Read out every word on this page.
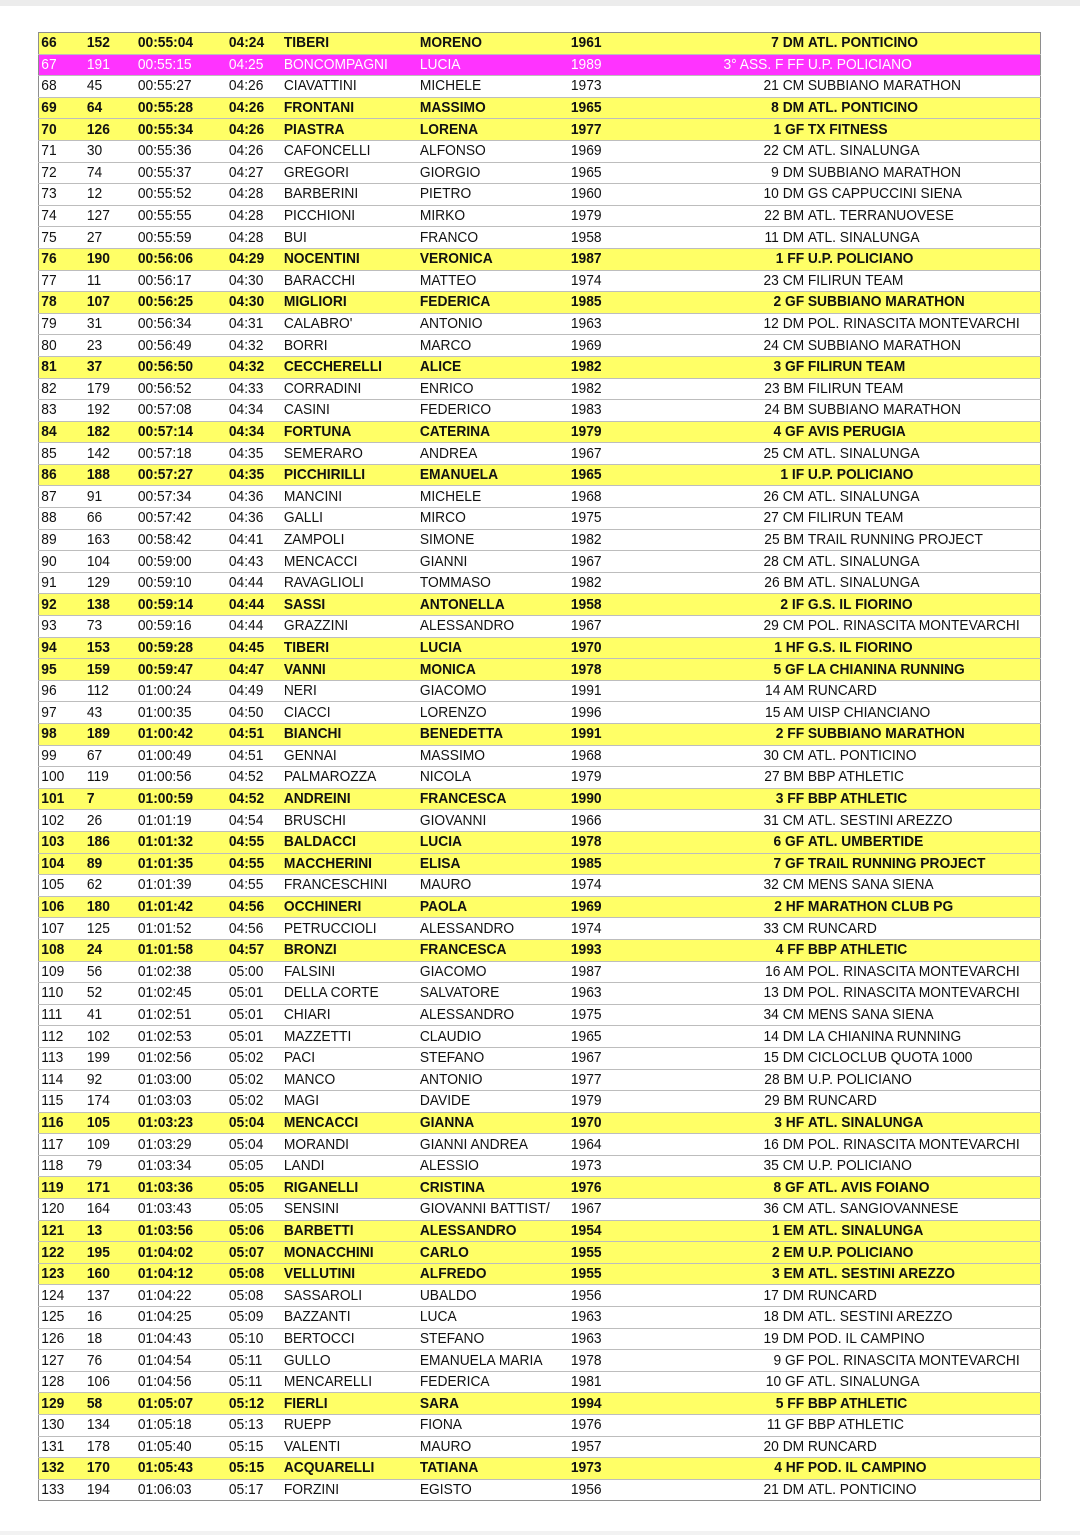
66	152	00:55:04	04:24	TIBERI	MORENO	1961	7 DM	ATL. PONTICINO
67	191	00:55:15	04:25	BONCOMPAGNI	LUCIA	1989	3° ASS. F FF	U.P. POLICIANO
68	45	00:55:27	04:26	CIAVATTINI	MICHELE	1973	21 CM	SUBBIANO MARATHON
69	64	00:55:28	04:26	FRONTANI	MASSIMO	1965	8 DM	ATL. PONTICINO
70	126	00:55:34	04:26	PIASTRA	LORENA	1977	1 GF	TX FITNESS
71	30	00:55:36	04:26	CAFONCELLI	ALFONSO	1969	22 CM	ATL. SINALUNGA
72	74	00:55:37	04:27	GREGORI	GIORGIO	1965	9 DM	SUBBIANO MARATHON
73	12	00:55:52	04:28	BARBERINI	PIETRO	1960	10 DM	GS CAPPUCCINI SIENA
74	127	00:55:55	04:28	PICCHIONI	MIRKO	1979	22 BM	ATL. TERRANUOVESE
75	27	00:55:59	04:28	BUI	FRANCO	1958	11 DM	ATL. SINALUNGA
76	190	00:56:06	04:29	NOCENTINI	VERONICA	1987	1 FF	U.P. POLICIANO
77	11	00:56:17	04:30	BARACCHI	MATTEO	1974	23 CM	FILIRUN TEAM
78	107	00:56:25	04:30	MIGLIORI	FEDERICA	1985	2 GF	SUBBIANO MARATHON
79	31	00:56:34	04:31	CALABRO'	ANTONIO	1963	12 DM	POL. RINASCITA MONTEVARCHI
80	23	00:56:49	04:32	BORRI	MARCO	1969	24 CM	SUBBIANO MARATHON
81	37	00:56:50	04:32	CECCHERELLI	ALICE	1982	3 GF	FILIRUN TEAM
82	179	00:56:52	04:33	CORRADINI	ENRICO	1982	23 BM	FILIRUN TEAM
83	192	00:57:08	04:34	CASINI	FEDERICO	1983	24 BM	SUBBIANO MARATHON
84	182	00:57:14	04:34	FORTUNA	CATERINA	1979	4 GF	AVIS PERUGIA
85	142	00:57:18	04:35	SEMERARO	ANDREA	1967	25 CM	ATL. SINALUNGA
86	188	00:57:27	04:35	PICCHIRILLI	EMANUELA	1965	1 IF	U.P. POLICIANO
87	91	00:57:34	04:36	MANCINI	MICHELE	1968	26 CM	ATL. SINALUNGA
88	66	00:57:42	04:36	GALLI	MIRCO	1975	27 CM	FILIRUN TEAM
89	163	00:58:42	04:41	ZAMPOLI	SIMONE	1982	25 BM	TRAIL RUNNING PROJECT
90	104	00:59:00	04:43	MENCACCI	GIANNI	1967	28 CM	ATL. SINALUNGA
91	129	00:59:10	04:44	RAVAGLIOLI	TOMMASO	1982	26 BM	ATL. SINALUNGA
92	138	00:59:14	04:44	SASSI	ANTONELLA	1958	2 IF	G.S. IL FIORINO
93	73	00:59:16	04:44	GRAZZINI	ALESSANDRO	1967	29 CM	POL. RINASCITA MONTEVARCHI
94	153	00:59:28	04:45	TIBERI	LUCIA	1970	1 HF	G.S. IL FIORINO
95	159	00:59:47	04:47	VANNI	MONICA	1978	5 GF	LA CHIANINA RUNNING
96	112	01:00:24	04:49	NERI	GIACOMO	1991	14 AM	RUNCARD
97	43	01:00:35	04:50	CIACCI	LORENZO	1996	15 AM	UISP CHIANCIANO
98	189	01:00:42	04:51	BIANCHI	BENEDETTA	1991	2 FF	SUBBIANO MARATHON
99	67	01:00:49	04:51	GENNAI	MASSIMO	1968	30 CM	ATL. PONTICINO
100	119	01:00:56	04:52	PALMAROZZA	NICOLA	1979	27 BM	BBP ATHLETIC
101	7	01:00:59	04:52	ANDREINI	FRANCESCA	1990	3 FF	BBP ATHLETIC
102	26	01:01:19	04:54	BRUSCHI	GIOVANNI	1966	31 CM	ATL. SESTINI AREZZO
103	186	01:01:32	04:55	BALDACCI	LUCIA	1978	6 GF	ATL. UMBERTIDE
104	89	01:01:35	04:55	MACCHERINI	ELISA	1985	7 GF	TRAIL RUNNING PROJECT
105	62	01:01:39	04:55	FRANCESCHINI	MAURO	1974	32 CM	MENS SANA SIENA
106	180	01:01:42	04:56	OCCHINERI	PAOLA	1969	2 HF	MARATHON CLUB PG
107	125	01:01:52	04:56	PETRUCCIOLI	ALESSANDRO	1974	33 CM	RUNCARD
108	24	01:01:58	04:57	BRONZI	FRANCESCA	1993	4 FF	BBP ATHLETIC
109	56	01:02:38	05:00	FALSINI	GIACOMO	1987	16 AM	POL. RINASCITA MONTEVARCHI
110	52	01:02:45	05:01	DELLA CORTE	SALVATORE	1963	13 DM	POL. RINASCITA MONTEVARCHI
111	41	01:02:51	05:01	CHIARI	ALESSANDRO	1975	34 CM	MENS SANA SIENA
112	102	01:02:53	05:01	MAZZETTI	CLAUDIO	1965	14 DM	LA CHIANINA RUNNING
113	199	01:02:56	05:02	PACI	STEFANO	1967	15 DM	CICLOCLUB QUOTA 1000
114	92	01:03:00	05:02	MANCO	ANTONIO	1977	28 BM	U.P. POLICIANO
115	174	01:03:03	05:02	MAGI	DAVIDE	1979	29 BM	RUNCARD
116	105	01:03:23	05:04	MENCACCI	GIANNA	1970	3 HF	ATL. SINALUNGA
117	109	01:03:29	05:04	MORANDI	GIANNI ANDREA	1964	16 DM	POL. RINASCITA MONTEVARCHI
118	79	01:03:34	05:05	LANDI	ALESSIO	1973	35 CM	U.P. POLICIANO
119	171	01:03:36	05:05	RIGANELLI	CRISTINA	1976	8 GF	ATL. AVIS FOIANO
120	164	01:03:43	05:05	SENSINI	GIOVANNI BATTIST/	1967	36 CM	ATL. SANGIOVANNESE
121	13	01:03:56	05:06	BARBETTI	ALESSANDRO	1954	1 EM	ATL. SINALUNGA
122	195	01:04:02	05:07	MONACCHINI	CARLO	1955	2 EM	U.P. POLICIANO
123	160	01:04:12	05:08	VELLUTINI	ALFREDO	1955	3 EM	ATL. SESTINI AREZZO
124	137	01:04:22	05:08	SASSAROLI	UBALDO	1956	17 DM	RUNCARD
125	16	01:04:25	05:09	BAZZANTI	LUCA	1963	18 DM	ATL. SESTINI AREZZO
126	18	01:04:43	05:10	BERTOCCI	STEFANO	1963	19 DM	POD. IL CAMPINO
127	76	01:04:54	05:11	GULLO	EMANUELA MARIA	1978	9 GF	POL. RINASCITA MONTEVARCHI
128	106	01:04:56	05:11	MENCARELLI	FEDERICA	1981	10 GF	ATL. SINALUNGA
129	58	01:05:07	05:12	FIERLI	SARA	1994	5 FF	BBP ATHLETIC
130	134	01:05:18	05:13	RUEPP	FIONA	1976	11 GF	BBP ATHLETIC
131	178	01:05:40	05:15	VALENTI	MAURO	1957	20 DM	RUNCARD
132	170	01:05:43	05:15	ACQUARELLI	TATIANA	1973	4 HF	POD. IL CAMPINO
133	194	01:06:03	05:17	FORZINI	EGISTO	1956	21 DM	ATL. PONTICINO
